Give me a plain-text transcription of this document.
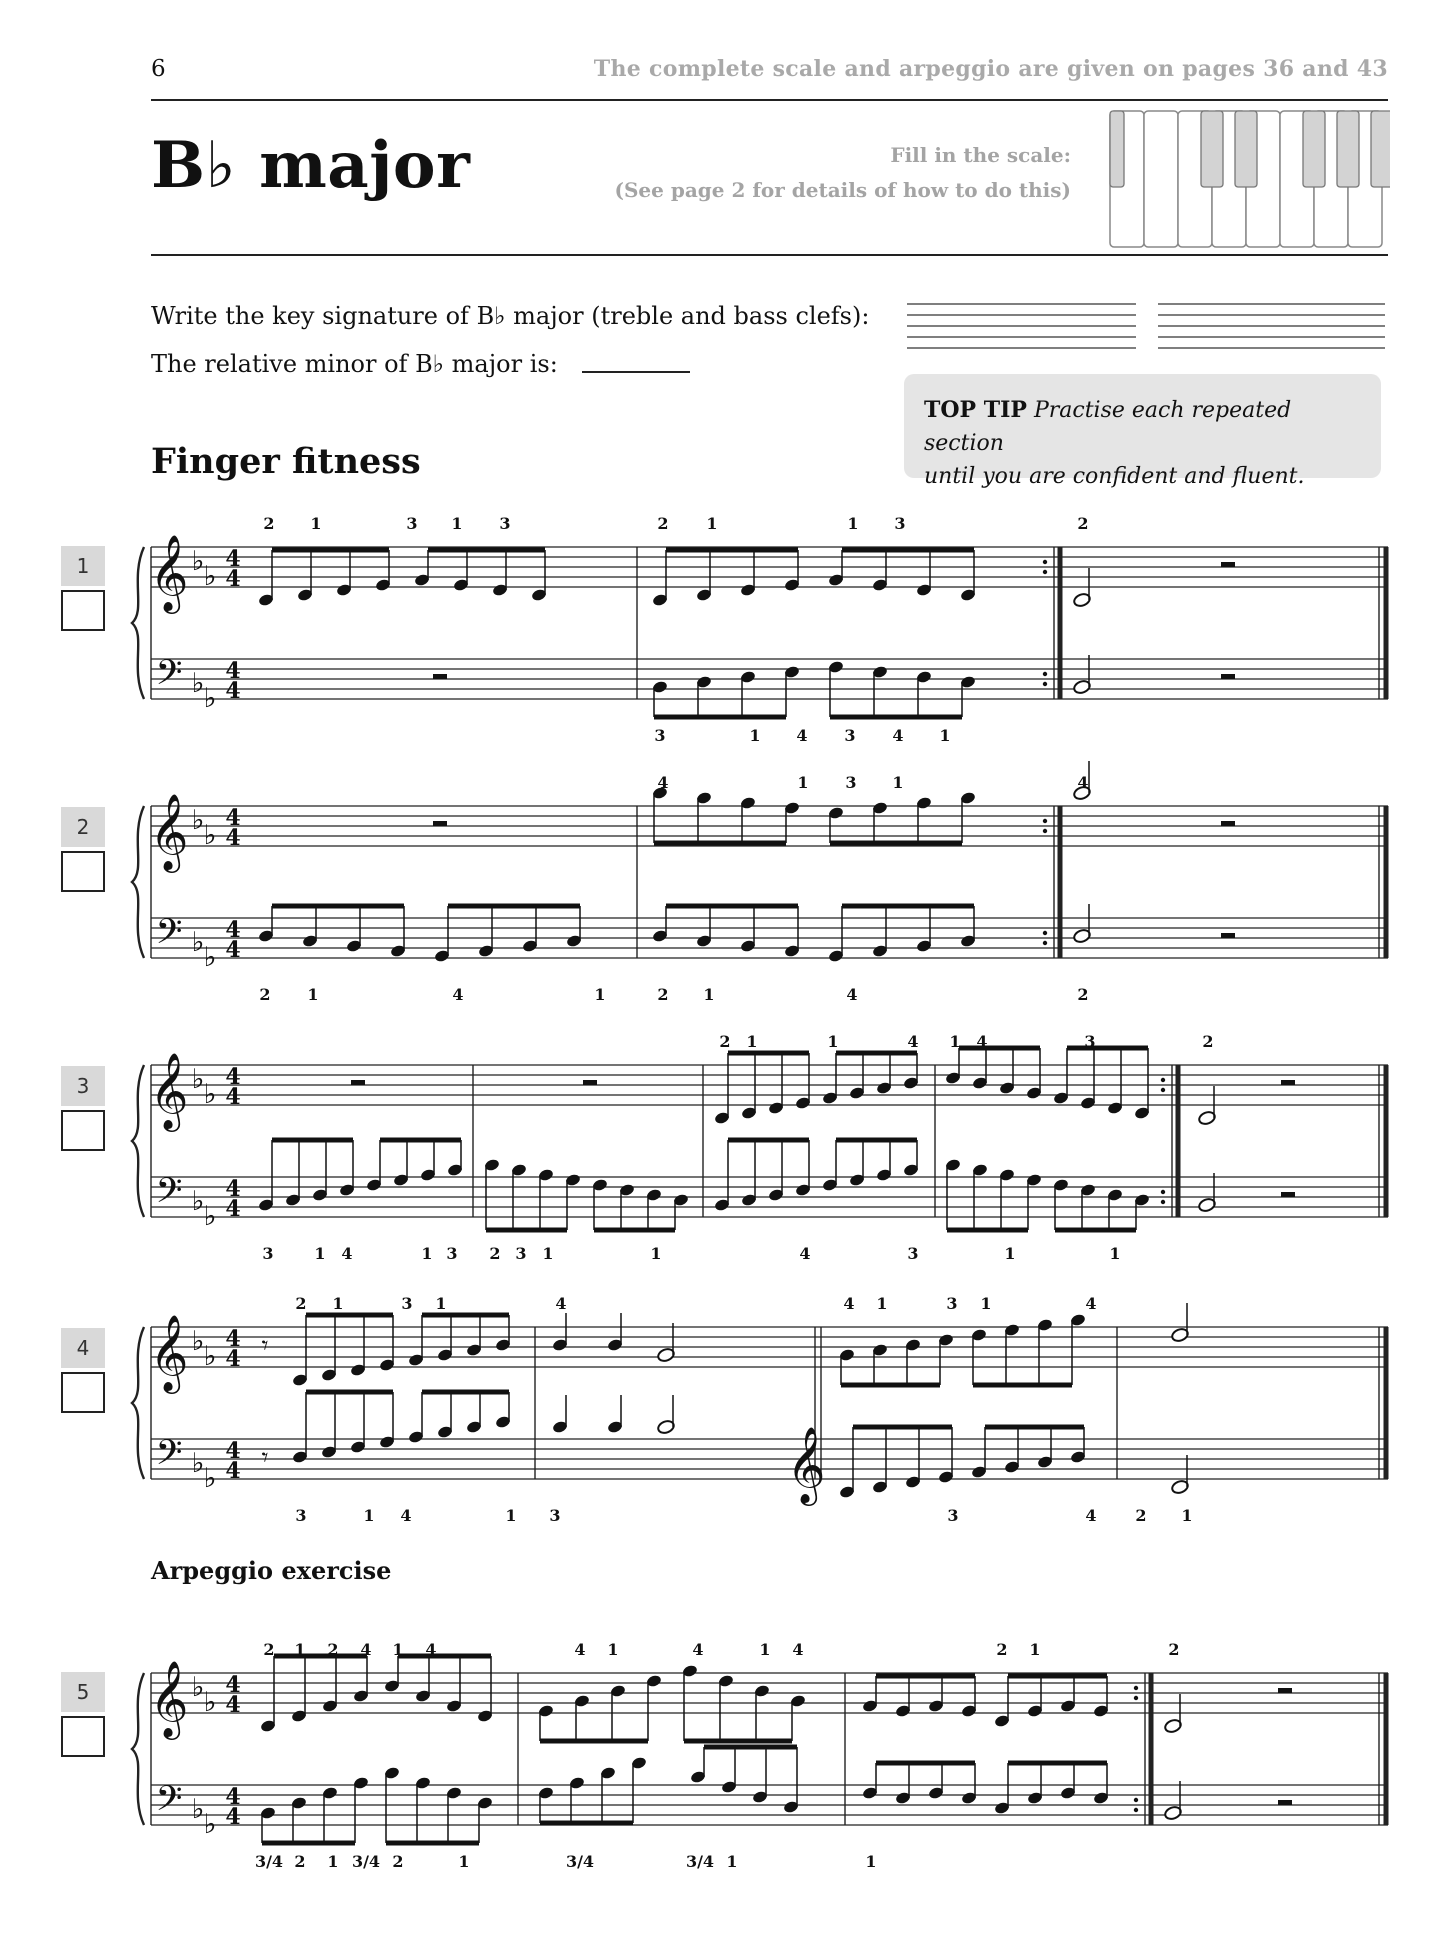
6	The complete scale and arpeggio are given on pages 36 and 43
B♭ major	Fill in the scale:
(See page 2 for details of how to do this)
Write the key signature of B♭ major (treble and bass clefs):
The relative minor of B♭ major is:
TOP TIP Practise each repeated section
until you are confident and fluent.
Finger fitness
Arpeggio exercise
1
2
3
4
5
𝄞
𝄢 ♭ ♭
♭ ♭
4
4
4
4
2 1	3 1 3	2 1	1 3	2
3	1 4 3 4 1
𝄞
𝄢 ♭ ♭
♭ ♭
4
4
4
4
4	1 3 1	4
2 1	4	1	2 1	4	2
𝄞
𝄢 ♭ ♭
♭ ♭
4
4
4
4
2 1	1	4 1 4	3	2
3	1 4	1 3 2 3 1	1	4	3	1	1
𝄞
𝄢 ♭ ♭
♭ ♭
4
4
4
4
2 1	3 1	4	4 1	3 1	4
3	1 4	1 3	3	4 2 1
𝄾
𝄾	𝄞
𝄞
𝄢 ♭ ♭
♭ ♭
4
4
4
4
2 1 2 4 1 4	4 1	4	1 4	2 1	2
3/4 2 1 3/4 2	1	3/4	3/4 1	1
